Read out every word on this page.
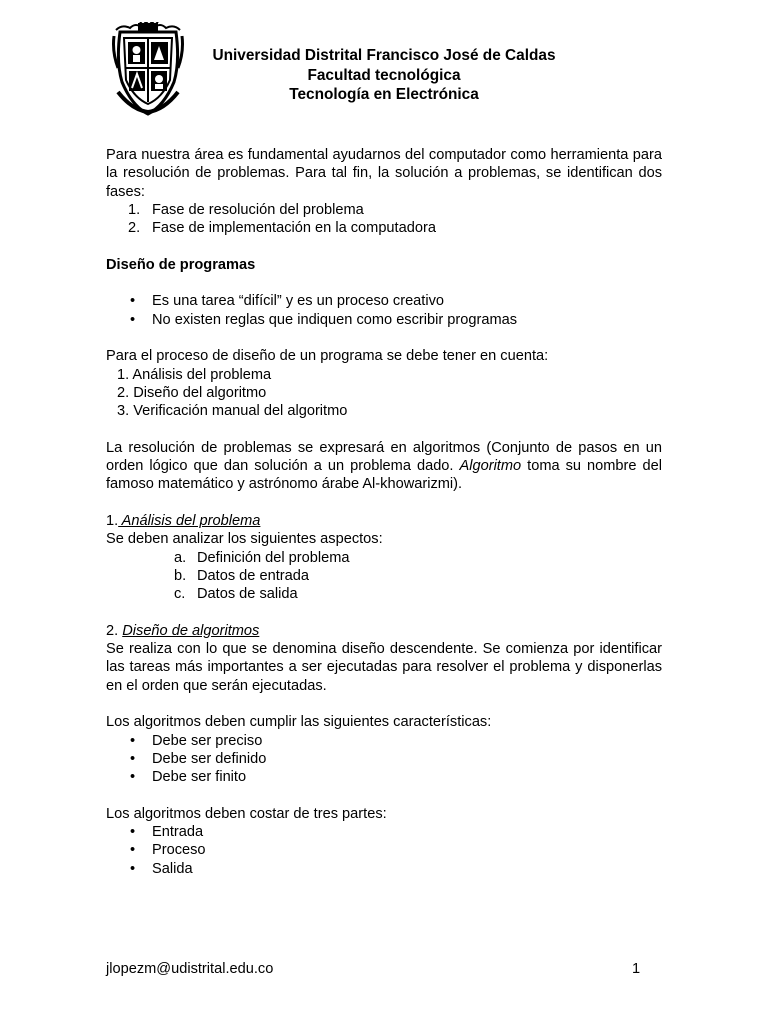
Universidad Distrital Francisco José de Caldas
Facultad tecnológica
Tecnología en Electrónica

Para nuestra área es fundamental ayudarnos del computador como herramienta para la resolución de problemas. Para tal fin, la solución a problemas, se identifican dos fases:

1. Fase de resolución del problema
2. Fase de implementación en la computadora

Diseño de programas

• Es una tarea “difícil” y es un proceso creativo
• No existen reglas que indiquen como escribir programas

Para el proceso de diseño de un programa se debe tener en cuenta:

1. Análisis del problema
2. Diseño del algoritmo
3. Verificación manual del algoritmo

La resolución de problemas se expresará en algoritmos (Conjunto de pasos en un orden lógico que dan solución a un problema dado. Algoritmo toma su nombre del famoso matemático y astrónomo árabe Al-khowarizmi).

1. Análisis del problema

Se deben analizar los siguientes aspectos:

a. Definición del problema
b. Datos de entrada
c. Datos de salida

2. Diseño de algoritmos

Se realiza con lo que se denomina diseño descendente. Se comienza por identificar las tareas más importantes a ser ejecutadas para resolver el problema y disponerlas en el orden que serán ejecutadas.

Los algoritmos deben cumplir las siguientes características:

• Debe ser preciso
• Debe ser definido
• Debe ser finito

Los algoritmos deben costar de tres partes:

• Entrada
• Proceso
• Salida
jlopezm@udistrital.edu.co	1
